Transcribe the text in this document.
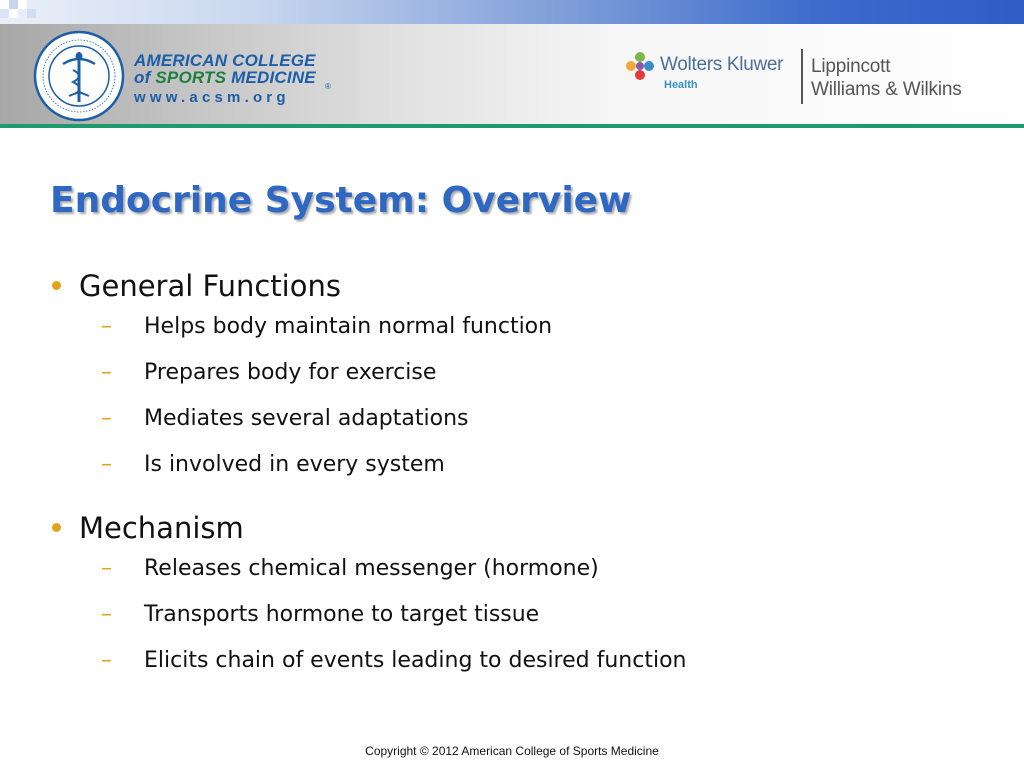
AMERICAN COLLEGE
of SPORTS MEDICINE ®
www.acsm.org
Wolters Kluwer
Health
Lippincott
Williams & Wilkins
Endocrine System: Overview
General Functions
– Helps body maintain normal function
– Prepares body for exercise
– Mediates several adaptations
– Is involved in every system
Mechanism
– Releases chemical messenger (hormone)
– Transports hormone to target tissue
– Elicits chain of events leading to desired function
Copyright © 2012 American College of Sports Medicine
